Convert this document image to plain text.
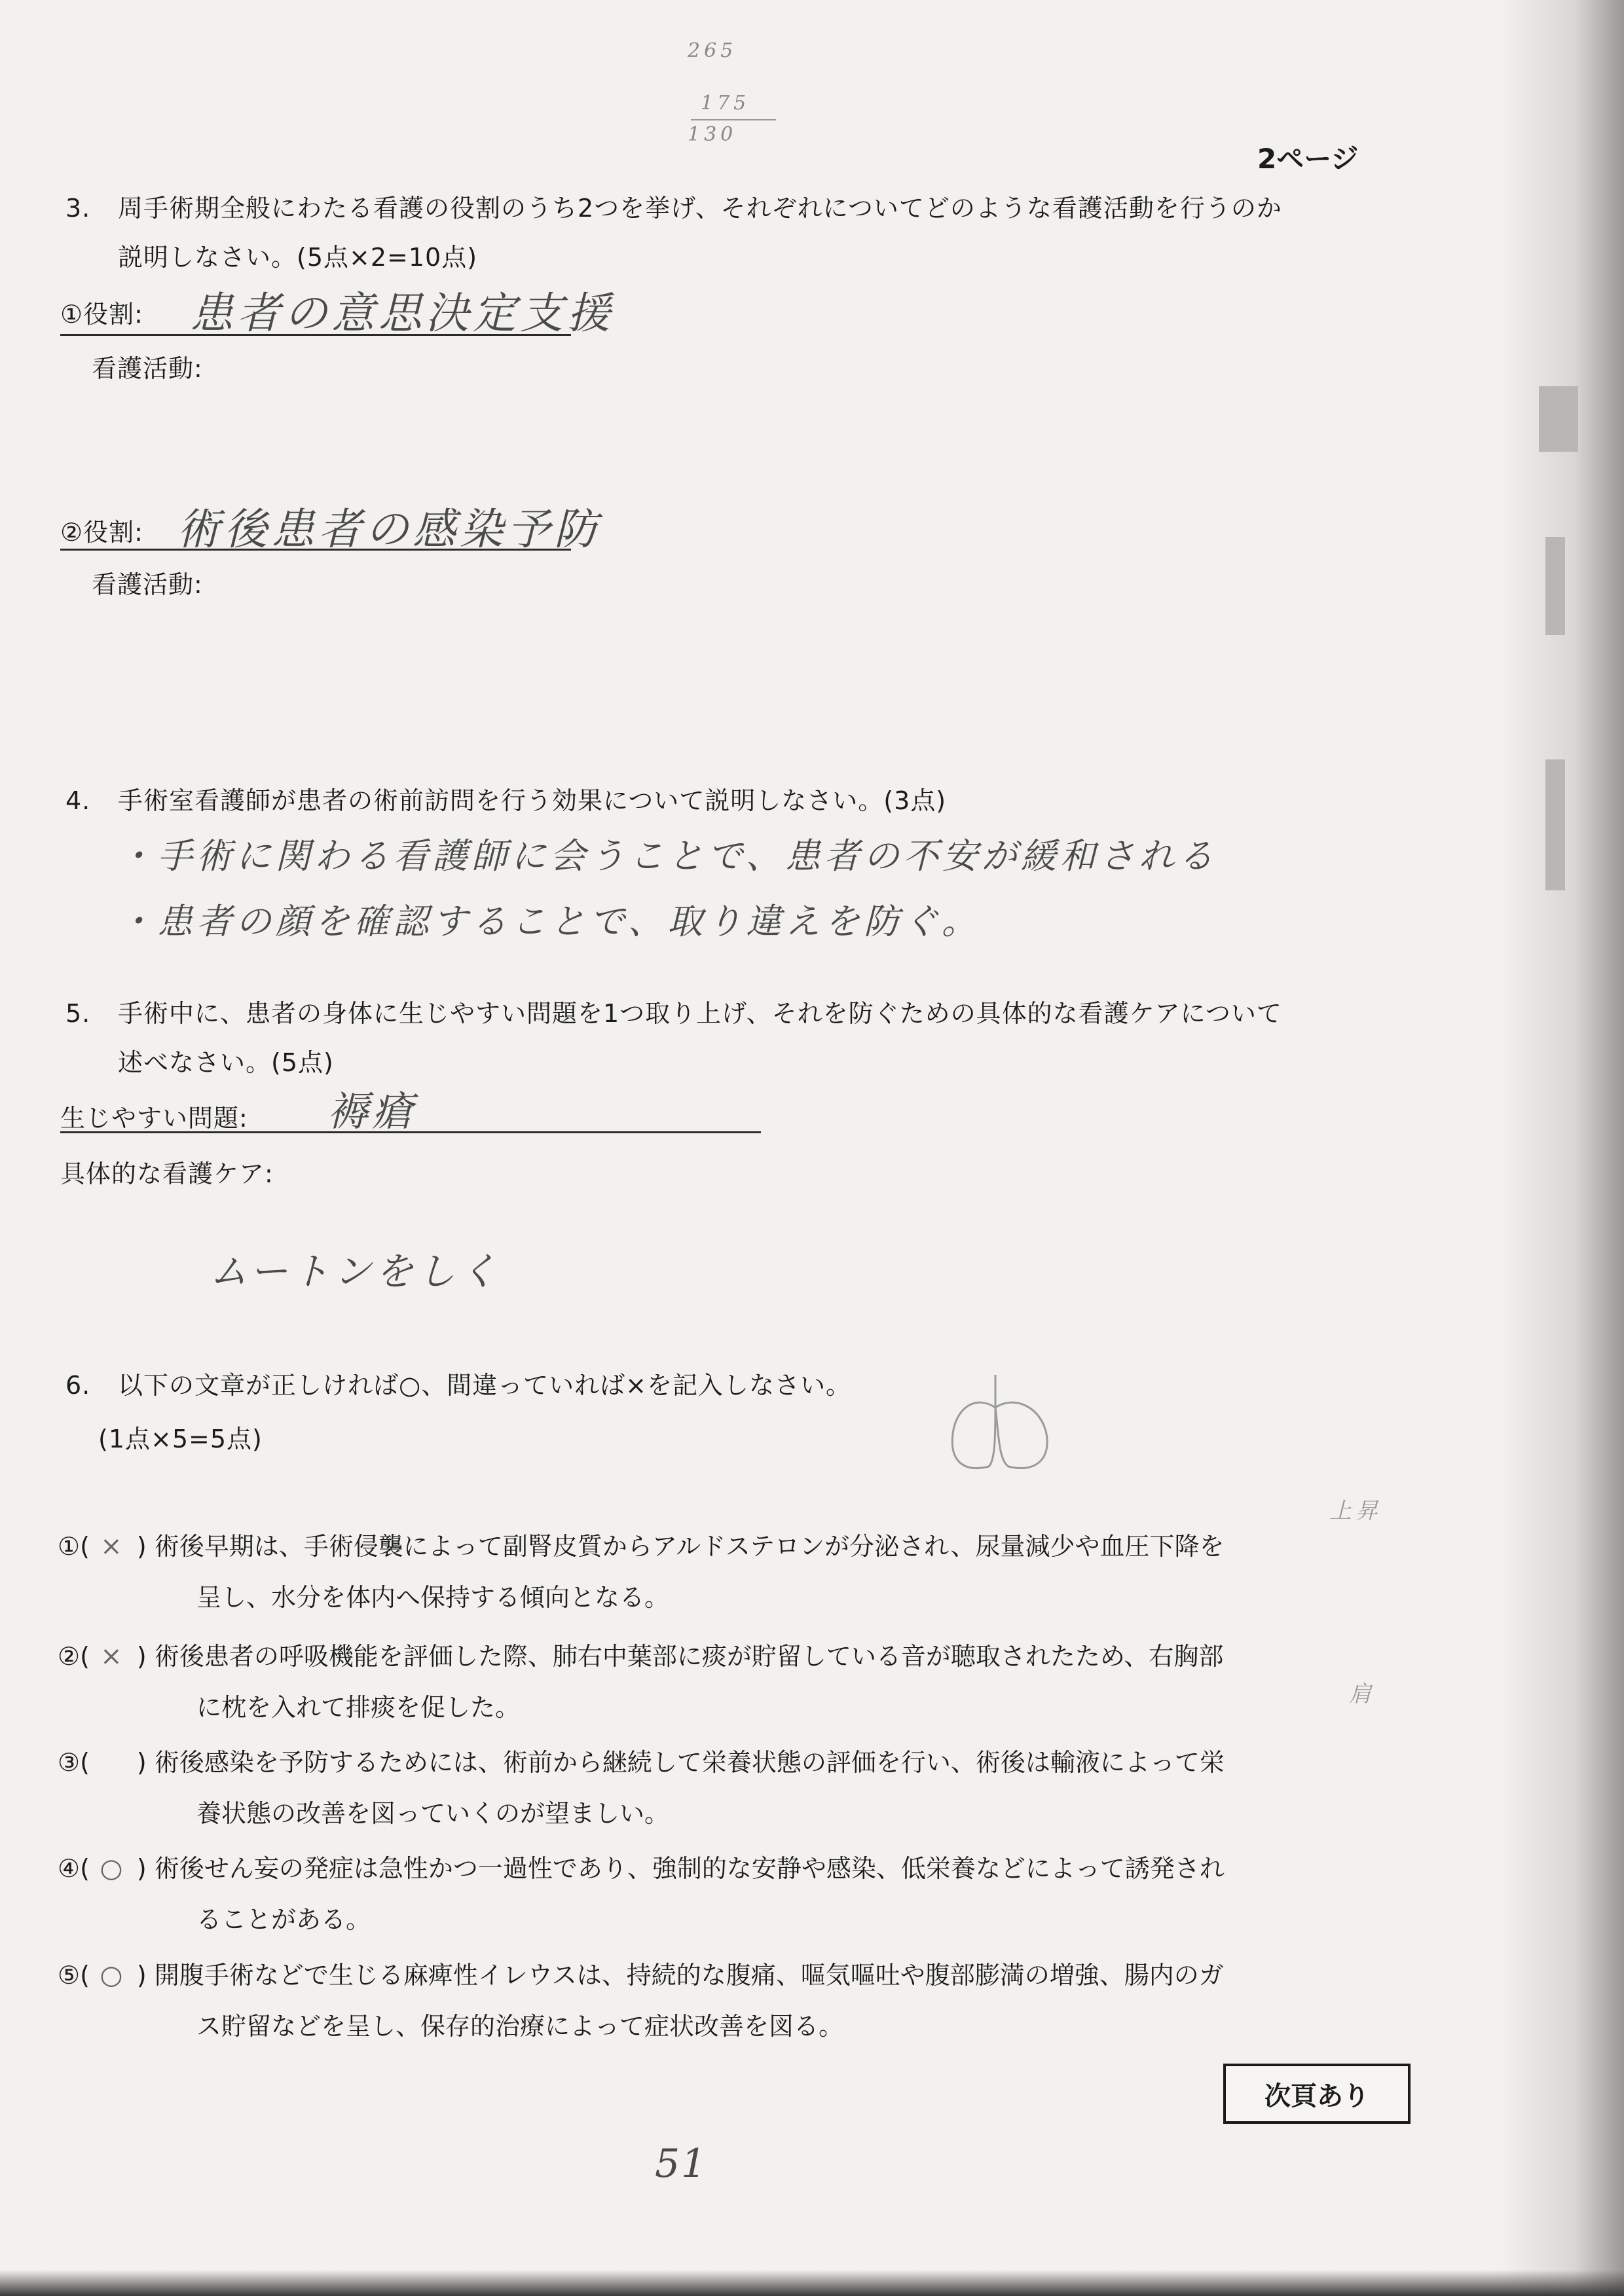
265
175
130
2ページ
3. 周手術期全般にわたる看護の役割のうち2つを挙げ、それぞれについてどのような看護活動を行うのか
説明しなさい。(5点×2=10点)
①役割: 患者の意思決定支援
看護活動:
②役割: 術後患者の感染予防
看護活動:
4. 手術室看護師が患者の術前訪問を行う効果について説明しなさい。(3点)
・手術に関わる看護師に会うことで、患者の不安が緩和される
・患者の顔を確認することで、取り違えを防ぐ。
5. 手術中に、患者の身体に生じやすい問題を1つ取り上げ、それを防ぐための具体的な看護ケアについて
述べなさい。(5点)
生じやすい問題: 褥瘡
具体的な看護ケア:
ムートンをしく
6. 以下の文章が正しければ○、間違っていれば×を記入しなさい。
(1点×5=5点)
上昇
肩
①( × ) 術後早期は、手術侵襲によって副腎皮質からアルドステロンが分泌され、尿量減少や血圧下降を
呈し、水分を体内へ保持する傾向となる。
②( × ) 術後患者の呼吸機能を評価した際、肺右中葉部に痰が貯留している音が聴取されたため、右胸部
に枕を入れて排痰を促した。
③( ) 術後感染を予防するためには、術前から継続して栄養状態の評価を行い、術後は輸液によって栄
養状態の改善を図っていくのが望ましい。
④( ○ ) 術後せん妄の発症は急性かつ一過性であり、強制的な安静や感染、低栄養などによって誘発され
ることがある。
⑤( ○ ) 開腹手術などで生じる麻痺性イレウスは、持続的な腹痛、嘔気嘔吐や腹部膨満の増強、腸内のガ
ス貯留などを呈し、保存的治療によって症状改善を図る。
次頁あり
51
